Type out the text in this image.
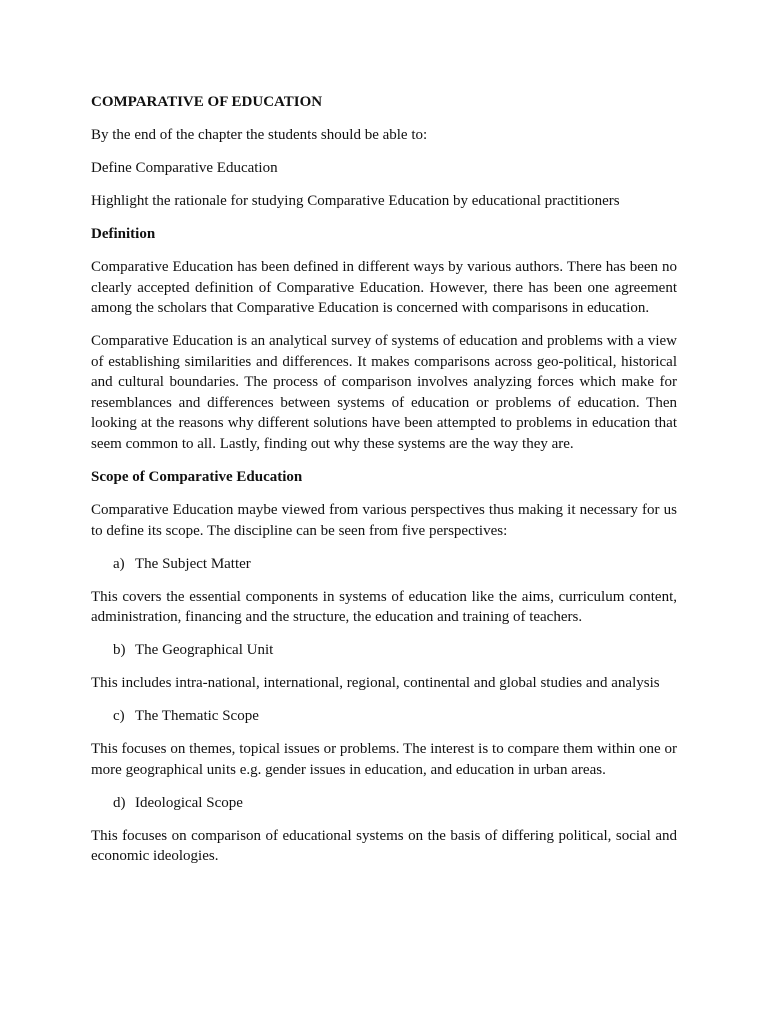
COMPARATIVE OF EDUCATION

By the end of the chapter the students should be able to:

Define Comparative Education

Highlight the rationale for studying Comparative Education by educational practitioners

Definition

Comparative Education has been defined in different ways by various authors. There has been no clearly accepted definition of Comparative Education. However, there has been one agreement among the scholars that Comparative Education is concerned with comparisons in education.

Comparative Education is an analytical survey of systems of education and problems with a view of establishing similarities and differences. It makes comparisons across geo-political, historical and cultural boundaries. The process of comparison involves analyzing forces which make for resemblances and differences between systems of education or problems of education. Then looking at the reasons why different solutions have been attempted to problems in education that seem common to all. Lastly, finding out why these systems are the way they are.

Scope of Comparative Education

Comparative Education maybe viewed from various perspectives thus making it necessary for us to define its scope. The discipline can be seen from five perspectives:

a) The Subject Matter

This covers the essential components in systems of education like the aims, curriculum content, administration, financing and the structure, the education and training of teachers.

b) The Geographical Unit

This includes intra-national, international, regional, continental and global studies and analysis

c) The Thematic Scope

This focuses on themes, topical issues or problems. The interest is to compare them within one or more geographical units e.g. gender issues in education, and education in urban areas.

d) Ideological Scope

This focuses on comparison of educational systems on the basis of differing political, social and economic ideologies.
